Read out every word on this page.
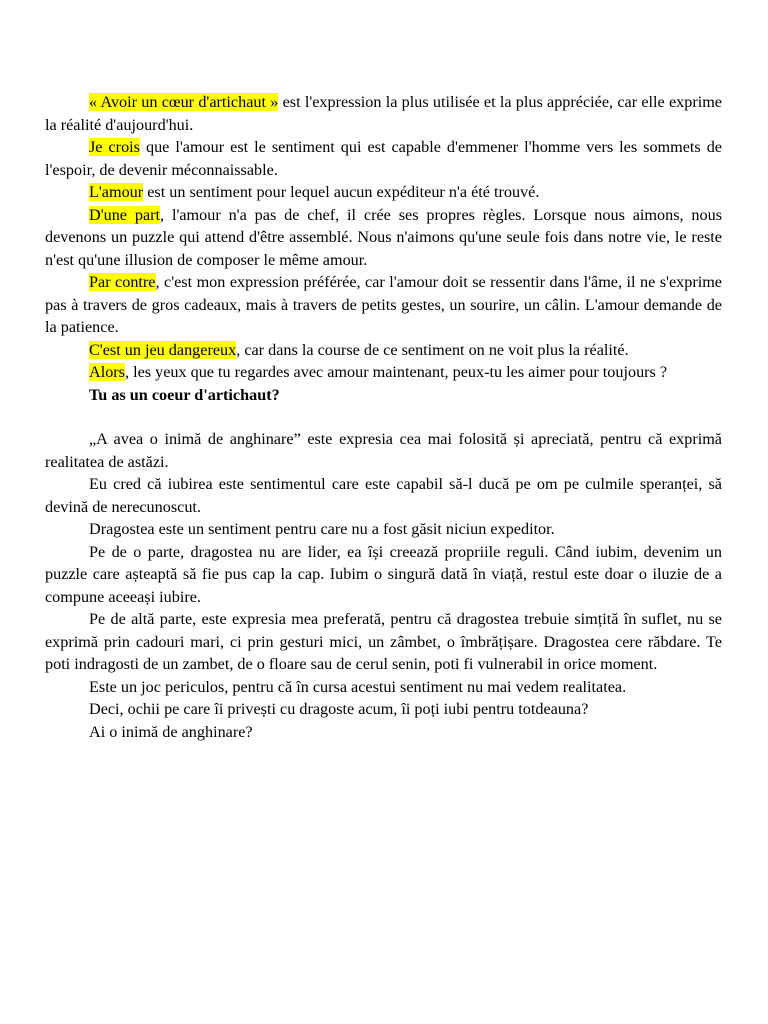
« Avoir un cœur d'artichaut » est l'expression la plus utilisée et la plus appréciée, car elle exprime la réalité d'aujourd'hui.

Je crois que l'amour est le sentiment qui est capable d'emmener l'homme vers les sommets de l'espoir, de devenir méconnaissable.

L'amour est un sentiment pour lequel aucun expéditeur n'a été trouvé.

D'une part, l'amour n'a pas de chef, il crée ses propres règles. Lorsque nous aimons, nous devenons un puzzle qui attend d'être assemblé. Nous n'aimons qu'une seule fois dans notre vie, le reste n'est qu'une illusion de composer le même amour.

Par contre, c'est mon expression préférée, car l'amour doit se ressentir dans l'âme, il ne s'exprime pas à travers de gros cadeaux, mais à travers de petits gestes, un sourire, un câlin. L'amour demande de la patience.

C'est un jeu dangereux, car dans la course de ce sentiment on ne voit plus la réalité.

Alors, les yeux que tu regardes avec amour maintenant, peux-tu les aimer pour toujours ?

Tu as un coeur d'artichaut?

„A avea o inimă de anghinare” este expresia cea mai folosită și apreciată, pentru că exprimă realitatea de astăzi.

Eu cred că iubirea este sentimentul care este capabil să-l ducă pe om pe culmile speranței, să devină de nerecunoscut.

Dragostea este un sentiment pentru care nu a fost găsit niciun expeditor.

Pe de o parte, dragostea nu are lider, ea își creează propriile reguli. Când iubim, devenim un puzzle care așteaptă să fie pus cap la cap. Iubim o singură dată în viață, restul este doar o iluzie de a compune aceeași iubire.

Pe de altă parte, este expresia mea preferată, pentru că dragostea trebuie simțită în suflet, nu se exprimă prin cadouri mari, ci prin gesturi mici, un zâmbet, o îmbrățișare. Dragostea cere răbdare. Te poti indragosti de un zambet, de o floare sau de cerul senin, poti fi vulnerabil in orice moment.

Este un joc periculos, pentru că în cursa acestui sentiment nu mai vedem realitatea.

Deci, ochii pe care îi privești cu dragoste acum, îi poți iubi pentru totdeauna?

Ai o inimă de anghinare?
